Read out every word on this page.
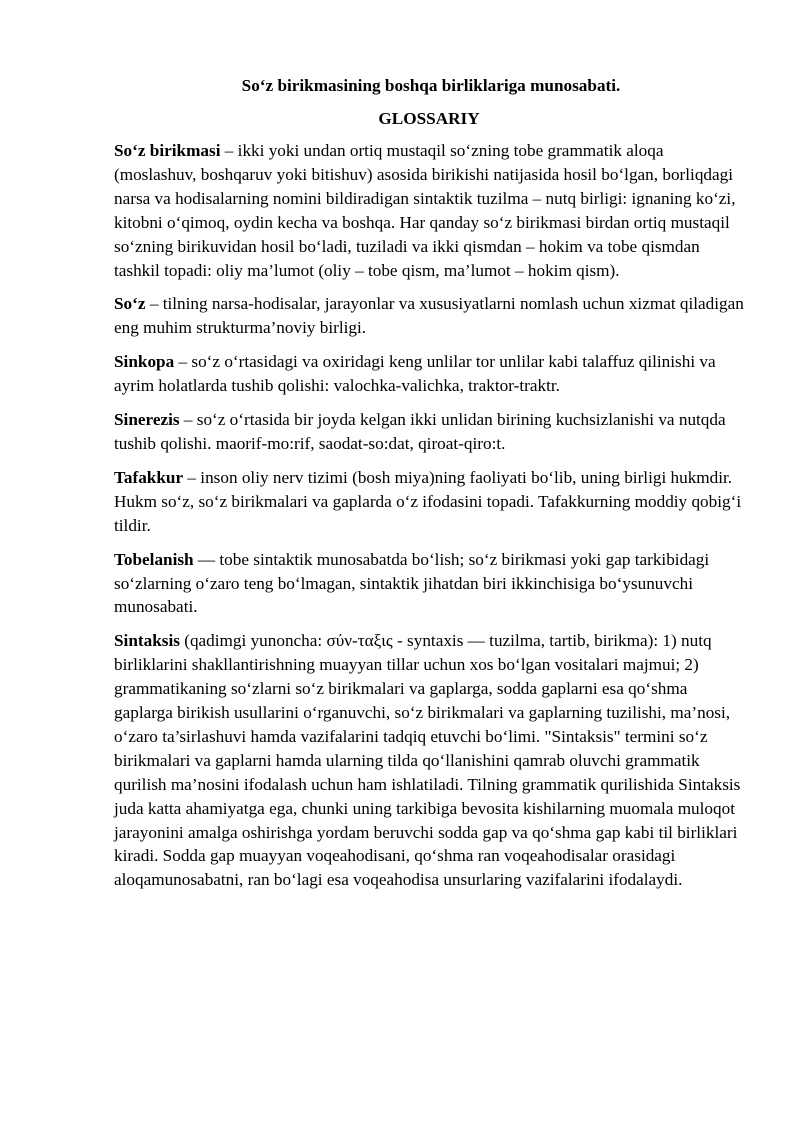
So‘z birikmasining boshqa birliklariga munosabati.

GLOSSARIY

So‘z birikmasi – ikki yoki undan ortiq mustaqil so‘zning tobe grammatik aloqa (moslashuv, boshqaruv yoki bitishuv) asosida birikishi natijasida hosil bo‘lgan, borliqdagi narsa va hodisalarning nomini bildiradigan sintaktik tuzilma – nutq birligi: ignaning ko‘zi, kitobni o‘qimoq, oydin kecha va boshqa. Har qanday so‘z birikmasi birdan ortiq mustaqil so‘zning birikuvidan hosil bo‘ladi, tuziladi va ikki qismdan – hokim va tobe qismdan tashkil topadi: oliy ma’lumot (oliy – tobe qism, ma’lumot – hokim qism).

So‘z – tilning narsa-hodisalar, jarayonlar va xususiyatlarni nomlash uchun xizmat qiladigan eng muhim strukturma’noviy birligi.

Sinkopa – so‘z o‘rtasidagi va oxiridagi keng unlilar tor unlilar kabi talaffuz qilinishi va ayrim holatlarda tushib qolishi: valochka-valichka, traktor-traktr.

Sinerezis – so‘z o‘rtasida bir joyda kelgan ikki unlidan birining kuchsizlanishi va nutqda tushib qolishi. maorif-mo:rif, saodat-so:dat, qiroat-qiro:t.

Tafakkur – inson oliy nerv tizimi (bosh miya)ning faoliyati bo‘lib, uning birligi hukmdir. Hukm so‘z, so‘z birikmalari va gaplarda o‘z ifodasini topadi. Tafakkurning moddiy qobig‘i tildir.

Tobelanish — tobe sintaktik munosabatda bo‘lish; so‘z birikmasi yoki gap tarkibidagi so‘zlarning o‘zaro teng bo‘lmagan, sintaktik jihatdan biri ikkinchisiga bo‘ysunuvchi munosabati.

Sintaksis (qadimgi yunoncha: σύν-ταξις - syntaxis — tuzilma, tartib, birikma): 1) nutq birliklarini shakllantirishning muayyan tillar uchun xos bo‘lgan vositalari majmui; 2) grammatikaning so‘zlarni so‘z birikmalari va gaplarga, sodda gaplarni esa qo‘shma gaplarga birikish usullarini o‘rganuvchi, so‘z birikmalari va gaplarning tuzilishi, ma’nosi, o‘zaro ta’sirlashuvi hamda vazifalarini tadqiq etuvchi bo‘limi. "Sintaksis" termini so‘z birikmalari va gaplarni hamda ularning tilda qo‘llanishini qamrab oluvchi grammatik qurilish ma’nosini ifodalash uchun ham ishlatiladi. Tilning grammatik qurilishida Sintaksis juda katta ahamiyatga ega, chunki uning tarkibiga bevosita kishilarning muomala muloqot jarayonini amalga oshirishga yordam beruvchi sodda gap va qo‘shma gap kabi til birliklari kiradi. Sodda gap muayyan voqeahodisani, qo‘shma ran voqeahodisalar orasidagi aloqamunosabatni, ran bo‘lagi esa voqeahodisa unsurlaring vazifalarini ifodalaydi.
